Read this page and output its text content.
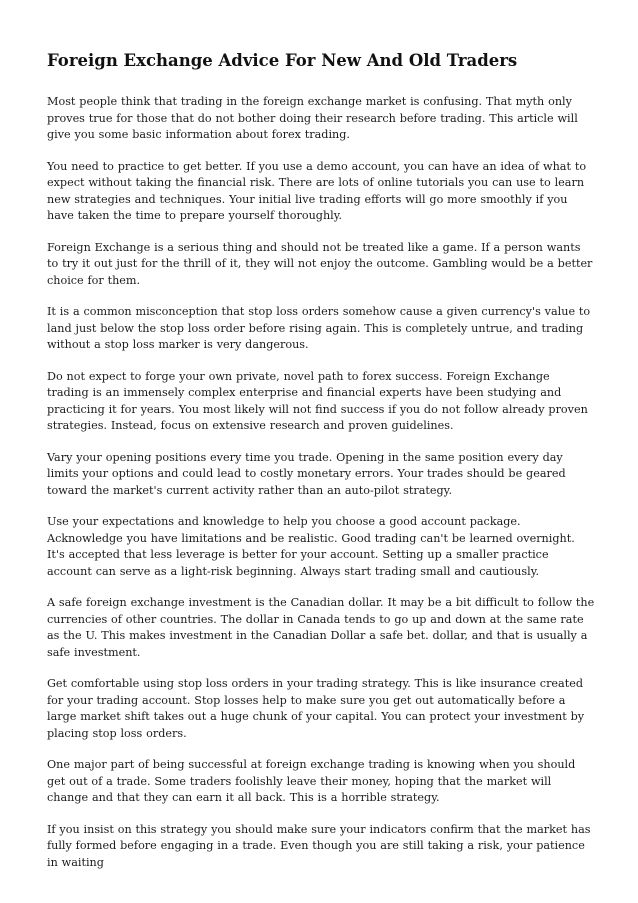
Foreign Exchange Advice For New And Old Traders

Most people think that trading in the foreign exchange market is confusing. That myth only proves true for those that do not bother doing their research before trading. This article will give you some basic information about forex trading.

You need to practice to get better. If you use a demo account, you can have an idea of what to expect without taking the financial risk. There are lots of online tutorials you can use to learn new strategies and techniques. Your initial live trading efforts will go more smoothly if you have taken the time to prepare yourself thoroughly.

Foreign Exchange is a serious thing and should not be treated like a game. If a person wants to try it out just for the thrill of it, they will not enjoy the outcome. Gambling would be a better choice for them.

It is a common misconception that stop loss orders somehow cause a given currency's value to land just below the stop loss order before rising again. This is completely untrue, and trading without a stop loss marker is very dangerous.

Do not expect to forge your own private, novel path to forex success. Foreign Exchange trading is an immensely complex enterprise and financial experts have been studying and practicing it for years. You most likely will not find success if you do not follow already proven strategies. Instead, focus on extensive research and proven guidelines.

Vary your opening positions every time you trade. Opening in the same position every day limits your options and could lead to costly monetary errors. Your trades should be geared toward the market's current activity rather than an auto-pilot strategy.

Use your expectations and knowledge to help you choose a good account package. Acknowledge you have limitations and be realistic. Good trading can't be learned overnight. It's accepted that less leverage is better for your account. Setting up a smaller practice account can serve as a light-risk beginning. Always start trading small and cautiously.

A safe foreign exchange investment is the Canadian dollar. It may be a bit difficult to follow the currencies of other countries. The dollar in Canada tends to go up and down at the same rate as the U. This makes investment in the Canadian Dollar a safe bet. dollar, and that is usually a safe investment.

Get comfortable using stop loss orders in your trading strategy. This is like insurance created for your trading account. Stop losses help to make sure you get out automatically before a large market shift takes out a huge chunk of your capital. You can protect your investment by placing stop loss orders.

One major part of being successful at foreign exchange trading is knowing when you should get out of a trade. Some traders foolishly leave their money, hoping that the market will change and that they can earn it all back. This is a horrible strategy.

If you insist on this strategy you should make sure your indicators confirm that the market has fully formed before engaging in a trade. Even though you are still taking a risk, your patience in waiting
